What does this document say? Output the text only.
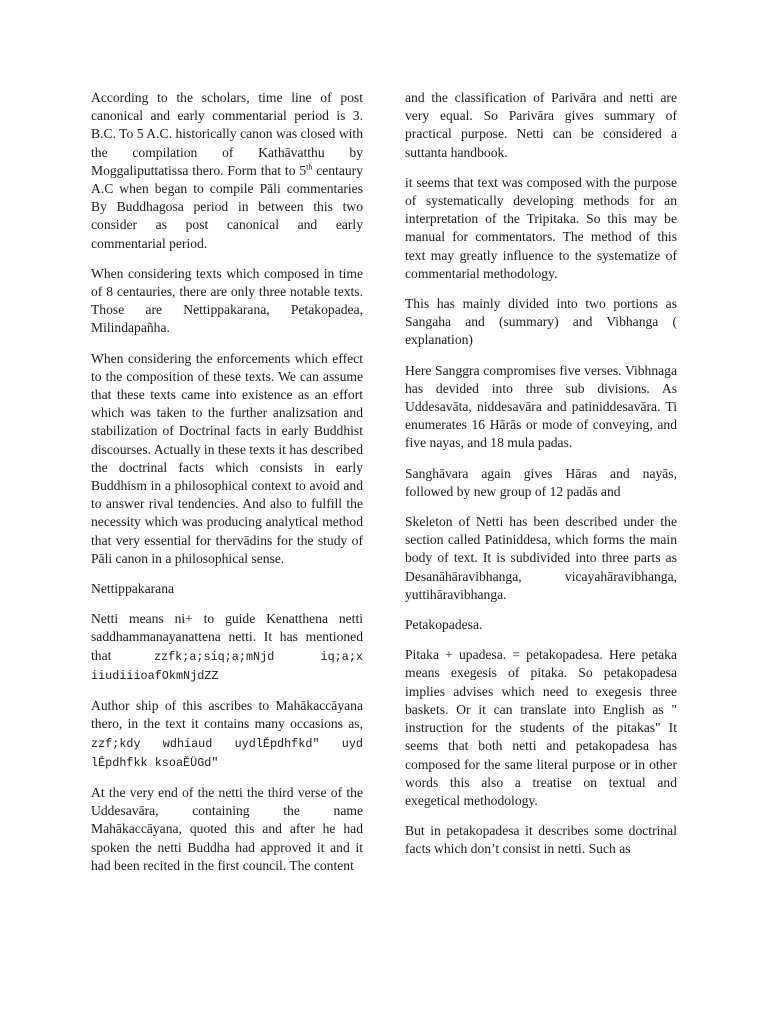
According to the scholars, time line of post canonical and early commentarial period is 3. B.C. To 5 A.C. historically canon was closed with the compilation of Kathāvatthu by Moggaliputtatissa thero. Form that to 5th centaury A.C when began to compile Pāli commentaries By Buddhagosa period in between this two consider as post canonical and early commentarial period.

When considering texts which composed in time of 8 centauries, there are only three notable texts. Those are Nettippakarana, Petakopadea, Milindapañha.

When considering the enforcements which effect to the composition of these texts. We can assume that these texts came into existence as an effort which was taken to the further analizsation and stabilization of Doctrinal facts in early Buddhist discourses. Actually in these texts it has described the doctrinal facts which consists in early Buddhism in a philosophical context to avoid and to answer rival tendencies. And also to fulfill the necessity which was producing analytical method that very essential for thervādins for the study of Pāli canon in a philosophical sense.

Nettippakarana

Netti means ni+ to guide Kenatthena netti saddhammanayanattena netti. It has mentioned that	zzfk;a;siq;a;mNjd iq;a;x iiudiiioafOkmNjdZZ

Author ship of this ascribes to Mahākaccāyana thero, in the text it contains many occasions as, zzf;kdy wdhiaud uydlĚpdhfkd" uyd lĚpdhfkk ksoaĚÜGd"

At the very end of the netti the third verse of the Uddesavāra, containing the name Mahākaccāyana, quoted this and after he had spoken the netti Buddha had approved it and it had been recited in the first council. The content

and the classification of Parivāra and netti are very equal. So Parivāra gives summary of practical purpose. Netti can be considered a suttanta handbook.

it seems that text was composed with the purpose of systematically developing methods for an interpretation of the Tripitaka. So this may be manual for commentators. The method of this text may greatly influence to the systematize of commentarial methodology.

This has mainly divided into two portions as Sangaha and (summary) and Vibhanga ( explanation)

Here Sanggra compromises five verses. Vibhnaga has devided into three sub divisions. As Uddesavāta, niddesavāra and patiniddesavāra. Ti enumerates 16 Hārās or mode of conveying, and five nayas, and 18 mula padas.

Sanghāvara again gives Hāras and nayās, followed by new group of 12 padās and

Skeleton of Netti has been described under the section called Patiniddesa, which forms the main body of text. It is subdivided into three parts as Desanāhāravibhanga, vicayahāravibhanga, yuttihāravibhanga.

Petakopadesa.

Pitaka + upadesa. = petakopadesa. Here petaka means exegesis of pitaka. So petakopadesa implies advises which need to exegesis three baskets. Or it can translate into English as " instruction for the students of the pitakas" It seems that both netti and petakopadesa has composed for the same literal purpose or in other words this also a treatise on textual and exegetical methodology.

But in petakopadesa it describes some doctrinal facts which don’t consist in netti. Such as
